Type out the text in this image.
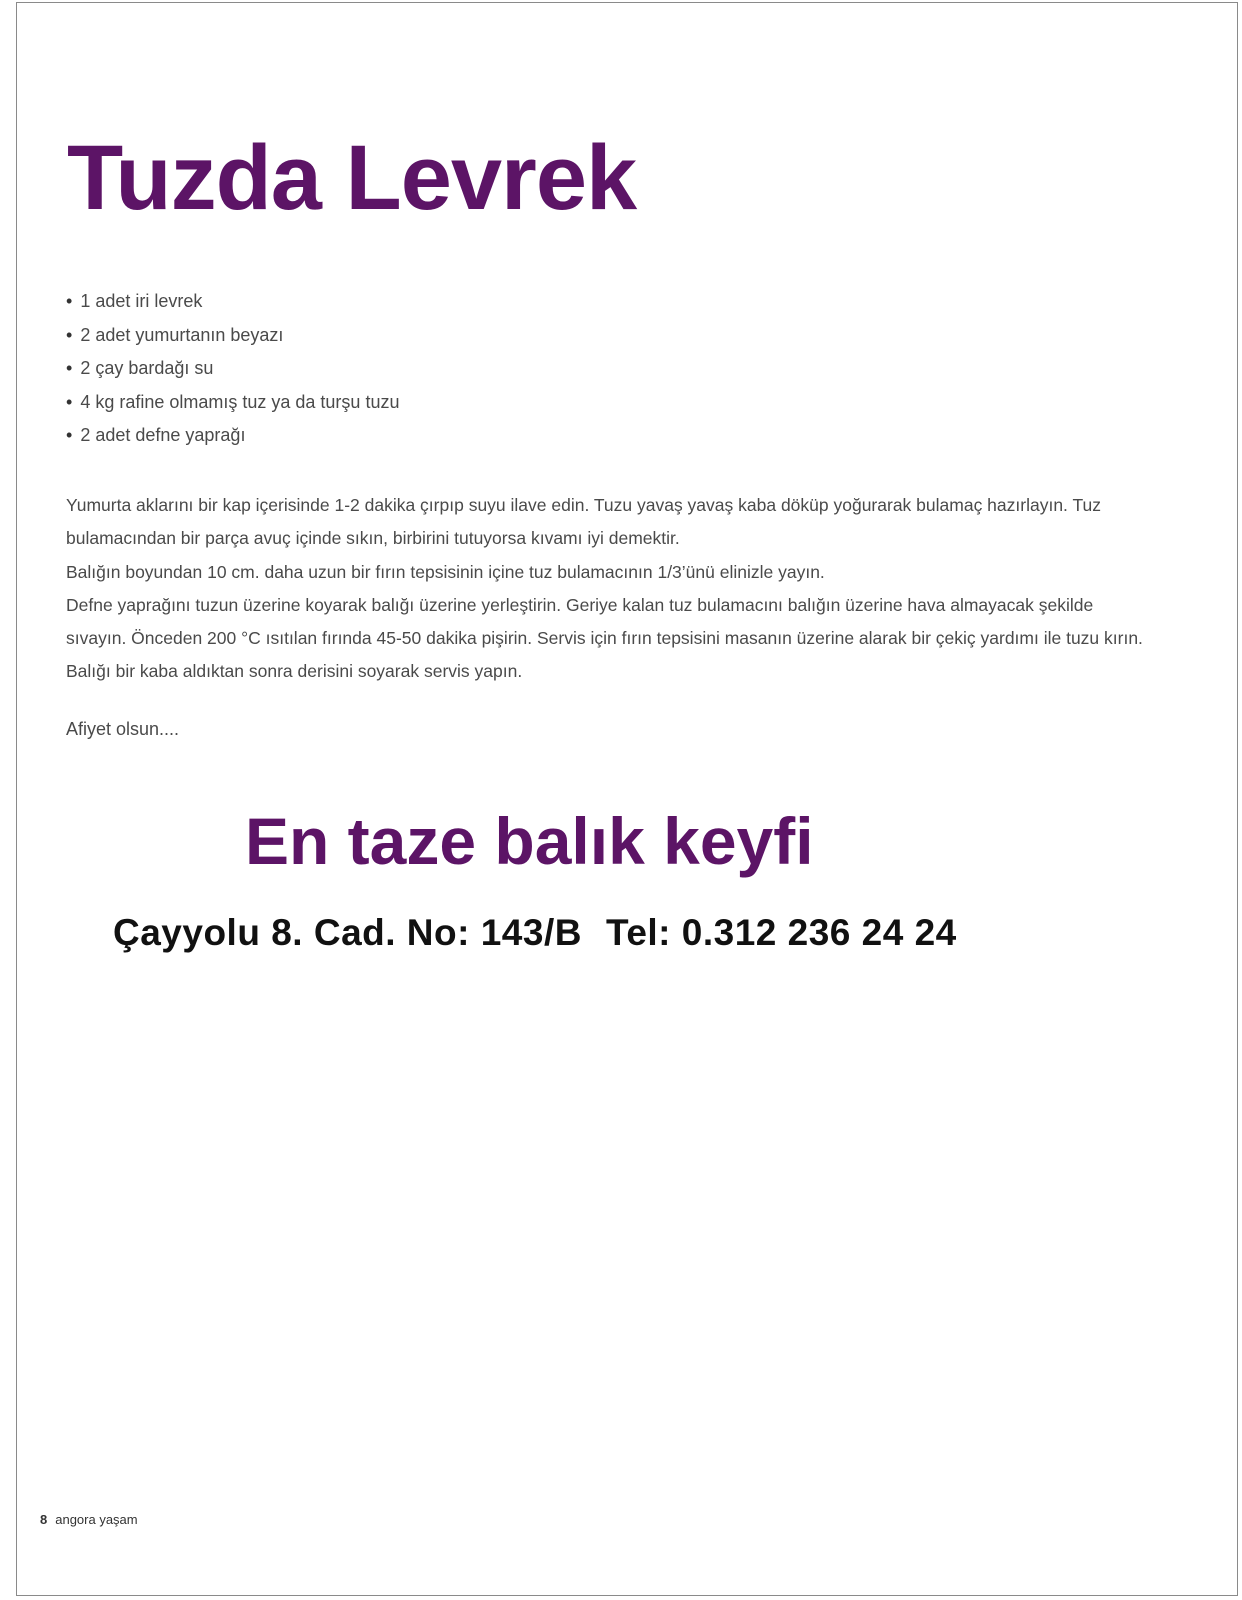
Tuzda Levrek
• 1 adet iri levrek
• 2 adet yumurtanın beyazı
• 2 çay bardağı su
• 4 kg rafine olmamış tuz ya da turşu tuzu
• 2 adet defne yaprağı

Yumurta aklarını bir kap içerisinde 1-2 dakika çırpıp suyu ilave edin. Tuzu yavaş yavaş kaba döküp yoğurarak bulamaç hazırlayın. Tuz bulamacından bir parça avuç içinde sıkın, birbirini tutuyorsa kıvamı iyi demektir.

Balığın boyundan 10 cm. daha uzun bir fırın tepsisinin içine tuz bulamacının 1/3’ünü elinizle yayın.

Defne yaprağını tuzun üzerine koyarak balığı üzerine yerleştirin. Geriye kalan tuz bulamacını balığın üzerine hava almayacak şekilde sıvayın. Önceden 200 °C ısıtılan fırında 45-50 dakika pişirin. Servis için fırın tepsisini masanın üzerine alarak bir çekiç yardımı ile tuzu kırın. Balığı bir kaba aldıktan sonra derisini soyarak servis yapın.

Afiyet olsun....

En taze balık keyfi

Çayyolu 8. Cad. No: 143/B Tel: 0.312 236 24 24

8 angora yaşam
